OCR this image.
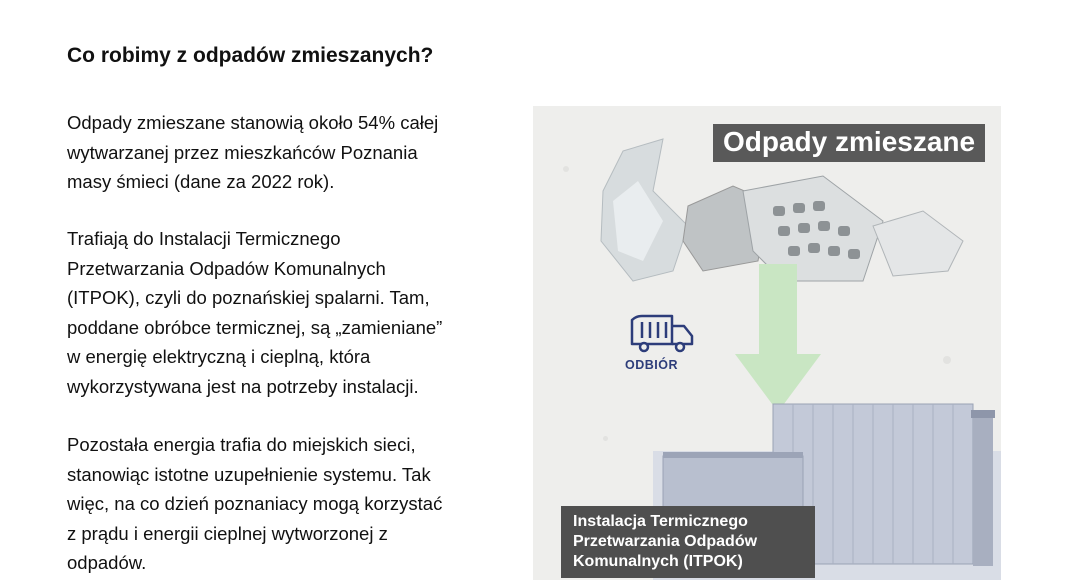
Co robimy z odpadów zmieszanych?

Odpady zmieszane stanowią około 54% całej
wytwarzanej przez mieszkańców Poznania
masy śmieci (dane za 2022 rok).

Trafiają do Instalacji Termicznego
Przetwarzania Odpadów Komunalnych
(ITPOK), czyli do poznańskiej spalarni. Tam,
poddane obróbce termicznej, są „zamieniane”
w energię elektryczną i cieplną, która
wykorzystywana jest na potrzeby instalacji.

Pozostała energia trafia do miejskich sieci,
stanowiąc istotne uzupełnienie systemu. Tak
więc, na co dzień poznaniacy mogą korzystać
z prądu i energii cieplnej wytworzonej z
odpadów.

Odpady zmieszane
ODBIÓR
Instalacja Termicznego
Przetwarzania Odpadów
Komunalnych (ITPOK)
